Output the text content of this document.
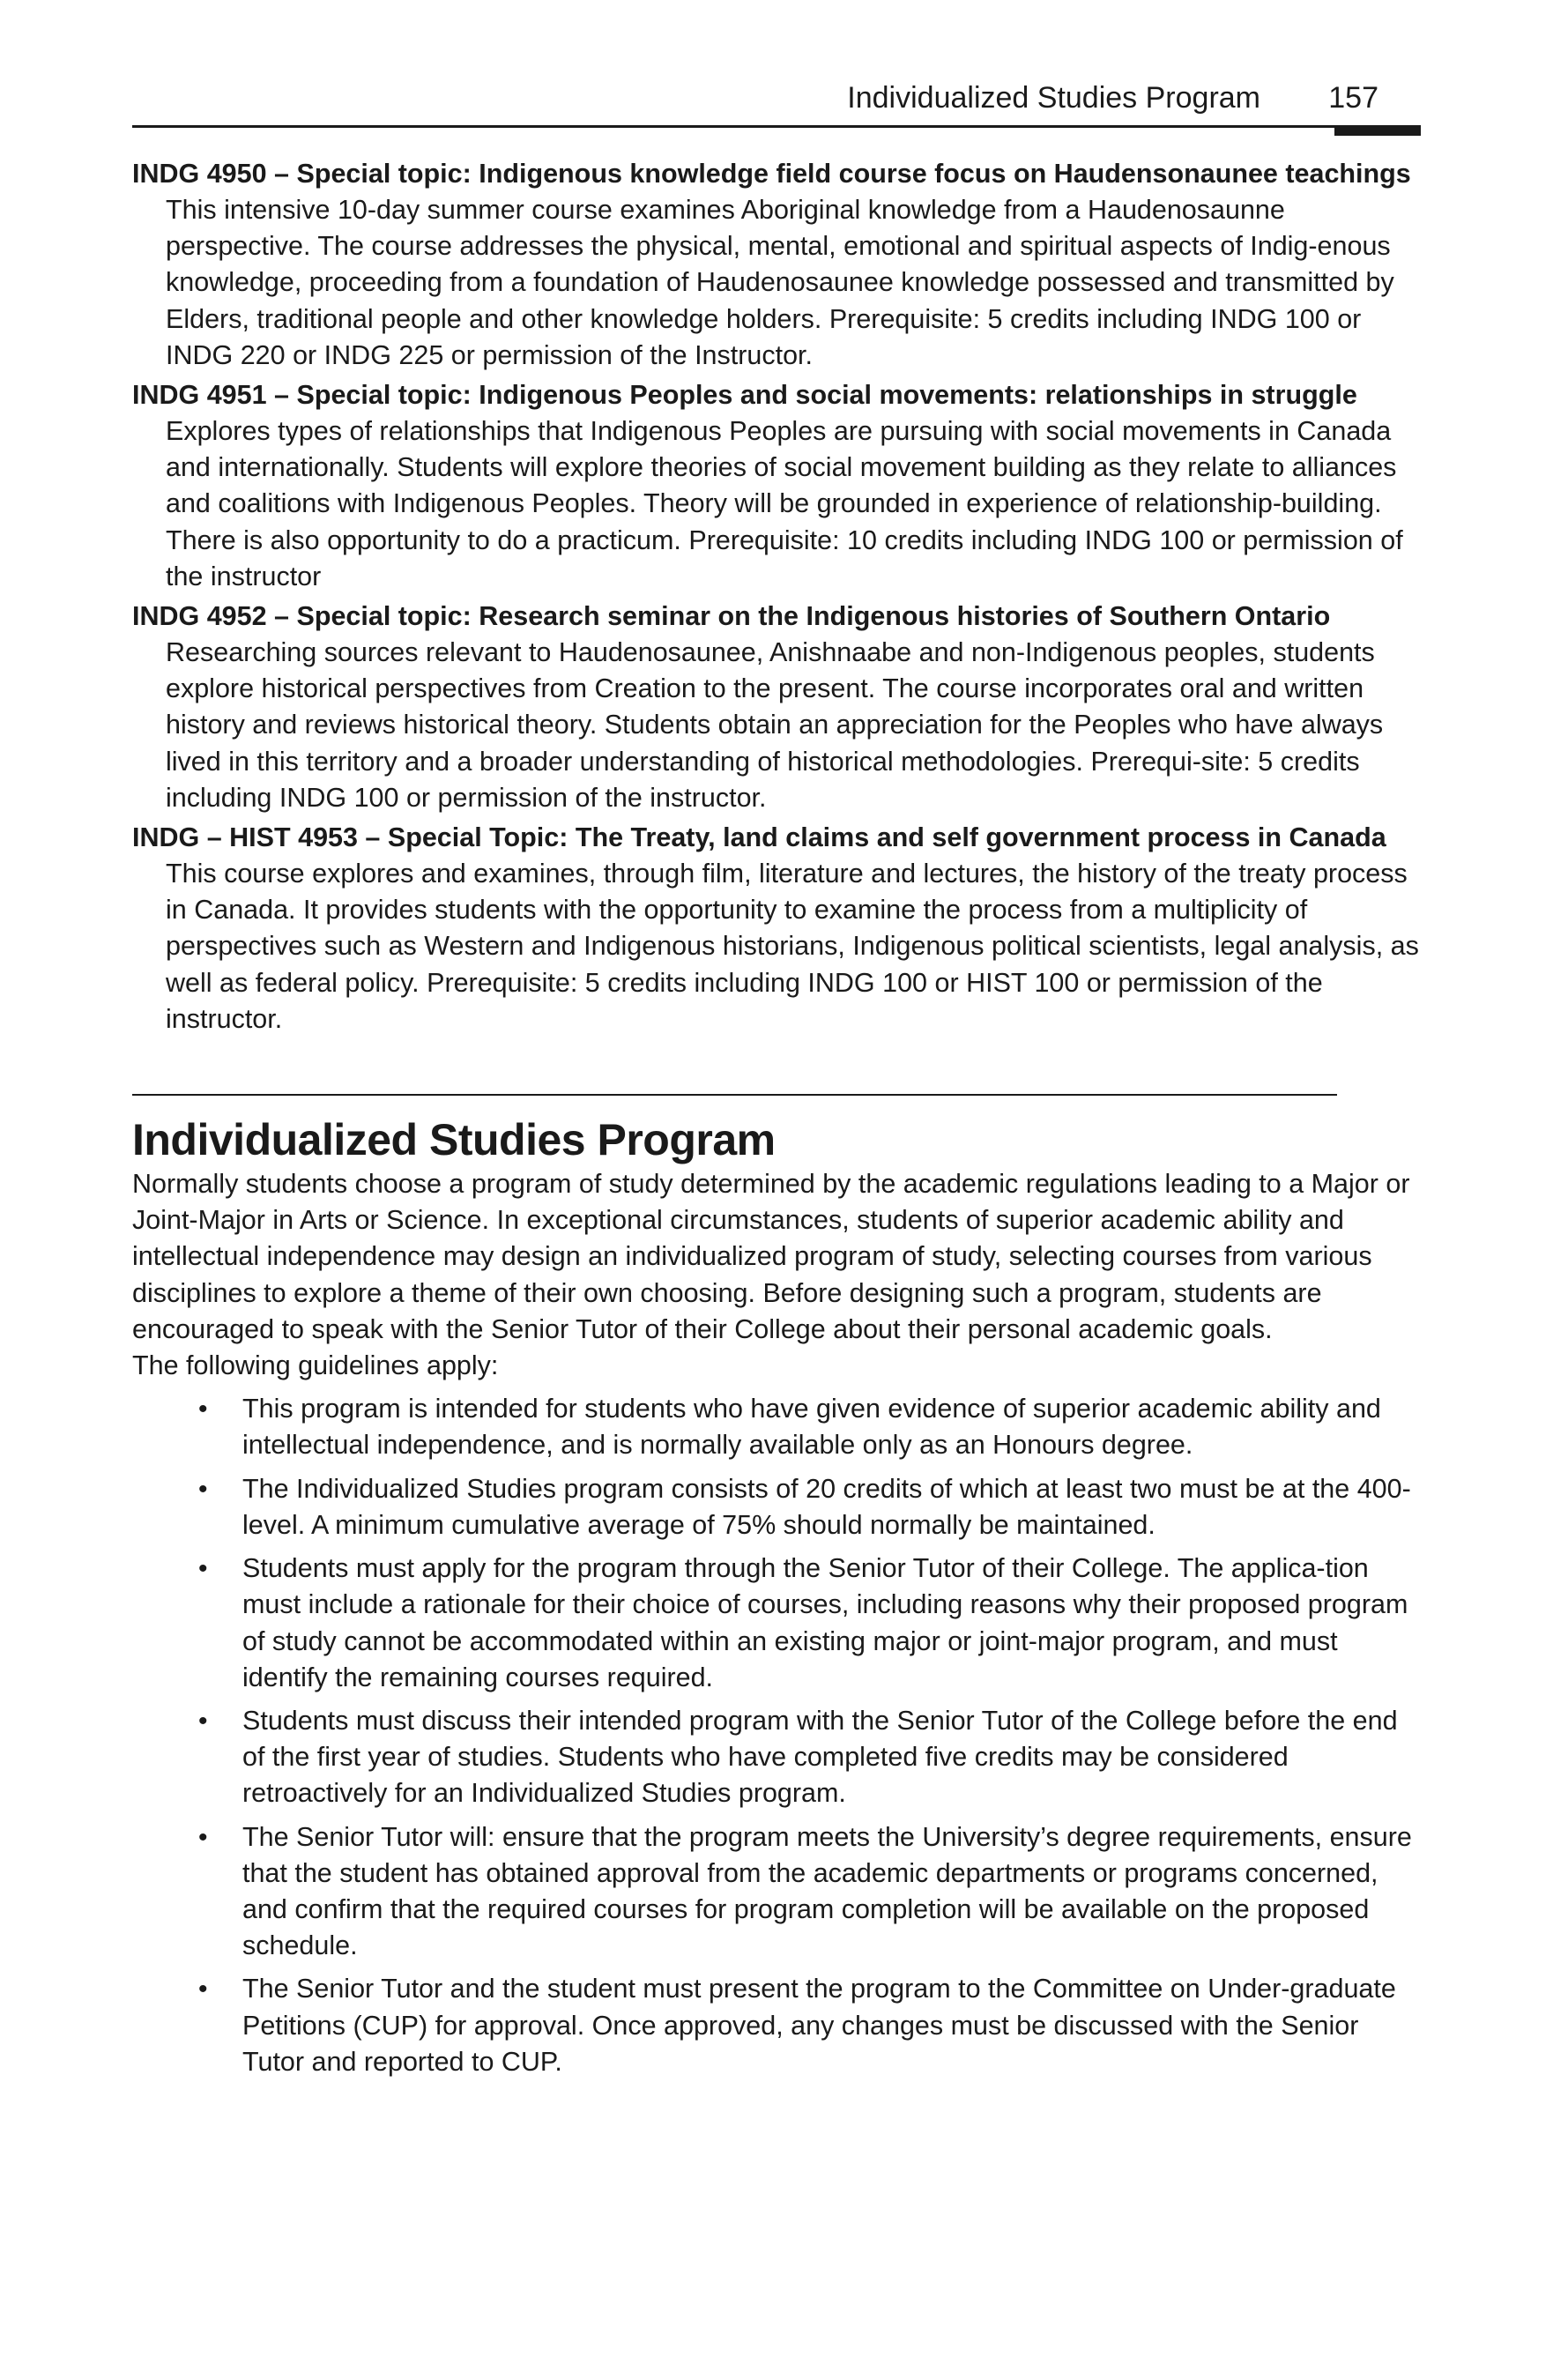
Individualized Studies Program 157
INDG 4950 – Special topic: Indigenous knowledge field course focus on Haudensonaunee teachings
This intensive 10-day summer course examines Aboriginal knowledge from a Haudenosaunne perspective. The course addresses the physical, mental, emotional and spiritual aspects of Indig-enous knowledge, proceeding from a foundation of Haudenosaunee knowledge possessed and transmitted by Elders, traditional people and other knowledge holders. Prerequisite: 5 credits including INDG 100 or INDG 220 or INDG 225 or permission of the Instructor.
INDG 4951 – Special topic: Indigenous Peoples and social movements: relationships in struggle
Explores types of relationships that Indigenous Peoples are pursuing with social movements in Canada and internationally. Students will explore theories of social movement building as they relate to alliances and coalitions with Indigenous Peoples. Theory will be grounded in experience of relationship-building. There is also opportunity to do a practicum. Prerequisite: 10 credits including INDG 100 or permission of the instructor
INDG 4952 – Special topic: Research seminar on the Indigenous histories of Southern Ontario
Researching sources relevant to Haudenosaunee, Anishnaabe and non-Indigenous peoples, students explore historical perspectives from Creation to the present. The course incorporates oral and written history and reviews historical theory. Students obtain an appreciation for the Peoples who have always lived in this territory and a broader understanding of historical methodologies. Prerequi-site: 5 credits including INDG 100 or permission of the instructor.
INDG – HIST 4953 – Special Topic: The Treaty, land claims and self government process in Canada
This course explores and examines, through film, literature and lectures, the history of the treaty process in Canada. It provides students with the opportunity to examine the process from a multiplicity of perspectives such as Western and Indigenous historians, Indigenous political scientists, legal analysis, as well as federal policy. Prerequisite: 5 credits including INDG 100 or HIST 100 or permission of the instructor.
Individualized Studies Program
Normally students choose a program of study determined by the academic regulations leading to a Major or Joint-Major in Arts or Science. In exceptional circumstances, students of superior academic ability and intellectual independence may design an individualized program of study, selecting courses from various disciplines to explore a theme of their own choosing. Before designing such a program, students are encouraged to speak with the Senior Tutor of their College about their personal academic goals.
The following guidelines apply:
• This program is intended for students who have given evidence of superior academic ability and intellectual independence, and is normally available only as an Honours degree.
• The Individualized Studies program consists of 20 credits of which at least two must be at the 400-level. A minimum cumulative average of 75% should normally be maintained.
• Students must apply for the program through the Senior Tutor of their College. The applica-tion must include a rationale for their choice of courses, including reasons why their proposed program of study cannot be accommodated within an existing major or joint-major program, and must identify the remaining courses required.
• Students must discuss their intended program with the Senior Tutor of the College before the end of the first year of studies. Students who have completed five credits may be considered retroactively for an Individualized Studies program.
• The Senior Tutor will: ensure that the program meets the University’s degree requirements, ensure that the student has obtained approval from the academic departments or programs concerned, and confirm that the required courses for program completion will be available on the proposed schedule.
• The Senior Tutor and the student must present the program to the Committee on Under-graduate Petitions (CUP) for approval. Once approved, any changes must be discussed with the Senior Tutor and reported to CUP.
